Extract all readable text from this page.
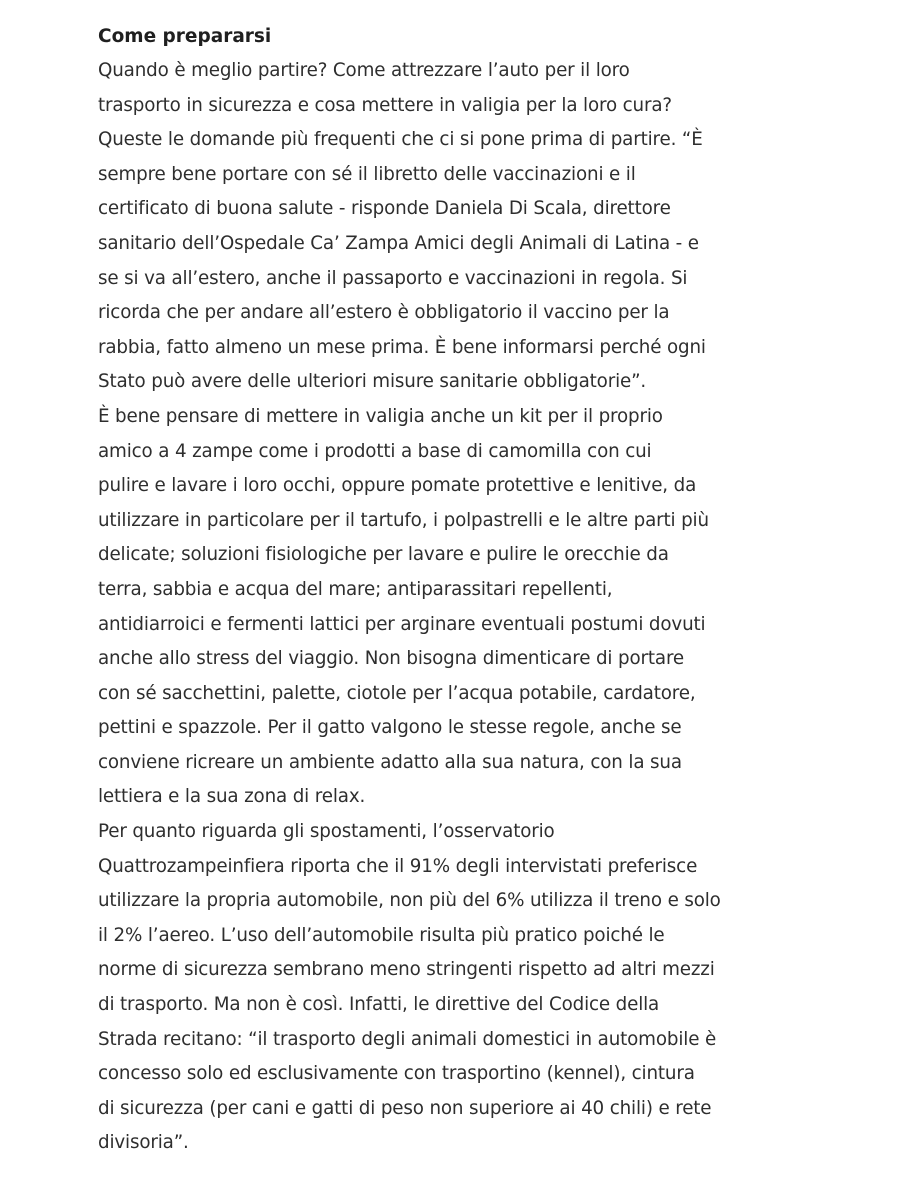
Come prepararsi

Quando è meglio partire? Come attrezzare l’auto per il loro
trasporto in sicurezza e cosa mettere in valigia per la loro cura?
Queste le domande più frequenti che ci si pone prima di partire. “È
sempre bene portare con sé il libretto delle vaccinazioni e il
certificato di buona salute - risponde Daniela Di Scala, direttore
sanitario dell’Ospedale Ca’ Zampa Amici degli Animali di Latina - e
se si va all’estero, anche il passaporto e vaccinazioni in regola. Si
ricorda che per andare all’estero è obbligatorio il vaccino per la
rabbia, fatto almeno un mese prima. È bene informarsi perché ogni
Stato può avere delle ulteriori misure sanitarie obbligatorie”.

È bene pensare di mettere in valigia anche un kit per il proprio
amico a 4 zampe come i prodotti a base di camomilla con cui
pulire e lavare i loro occhi, oppure pomate protettive e lenitive, da
utilizzare in particolare per il tartufo, i polpastrelli e le altre parti più
delicate; soluzioni fisiologiche per lavare e pulire le orecchie da
terra, sabbia e acqua del mare; antiparassitari repellenti,
antidiarroici e fermenti lattici per arginare eventuali postumi dovuti
anche allo stress del viaggio. Non bisogna dimenticare di portare
con sé sacchettini, palette, ciotole per l’acqua potabile, cardatore,
pettini e spazzole. Per il gatto valgono le stesse regole, anche se
conviene ricreare un ambiente adatto alla sua natura, con la sua
lettiera e la sua zona di relax.

Per quanto riguarda gli spostamenti, l’osservatorio
Quattrozampeinfiera riporta che il 91% degli intervistati preferisce
utilizzare la propria automobile, non più del 6% utilizza il treno e solo
il 2% l’aereo. L’uso dell’automobile risulta più pratico poiché le
norme di sicurezza sembrano meno stringenti rispetto ad altri mezzi
di trasporto. Ma non è così. Infatti, le direttive del Codice della
Strada recitano: “il trasporto degli animali domestici in automobile è
concesso solo ed esclusivamente con trasportino (kennel), cintura
di sicurezza (per cani e gatti di peso non superiore ai 40 chili) e rete
divisoria”.
